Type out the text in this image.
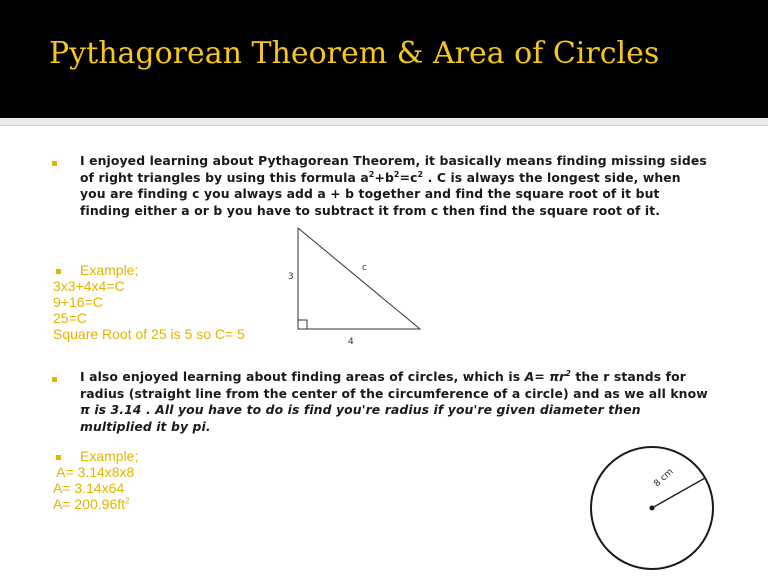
Pythagorean Theorem & Area of Circles

I enjoyed learning about Pythagorean Theorem, it basically means finding missing sides of right triangles by using this formula $a^2+b^2=c^2$ . C is always the longest side, when you are finding c you always add a + b together and find the square root of it but finding either a or b you have to subtract it from c then find the square root of it.

Example;

3x3+4x4=C

9+16=C

25=C

Square Root of 25 is 5 so C= 5

3
c
4

I also enjoyed learning about finding areas of circles, which is $A= \pi r^2$ the r stands for radius (straight line from the center of the circumference of a circle) and as we all know π is 3.14 . All you have to do is find you're radius if you're given diameter then multiplied it by pi.

Example;

A= 3.14x8x8

A= 3.14x64

$A= 200.96ft^2$

8 cm
